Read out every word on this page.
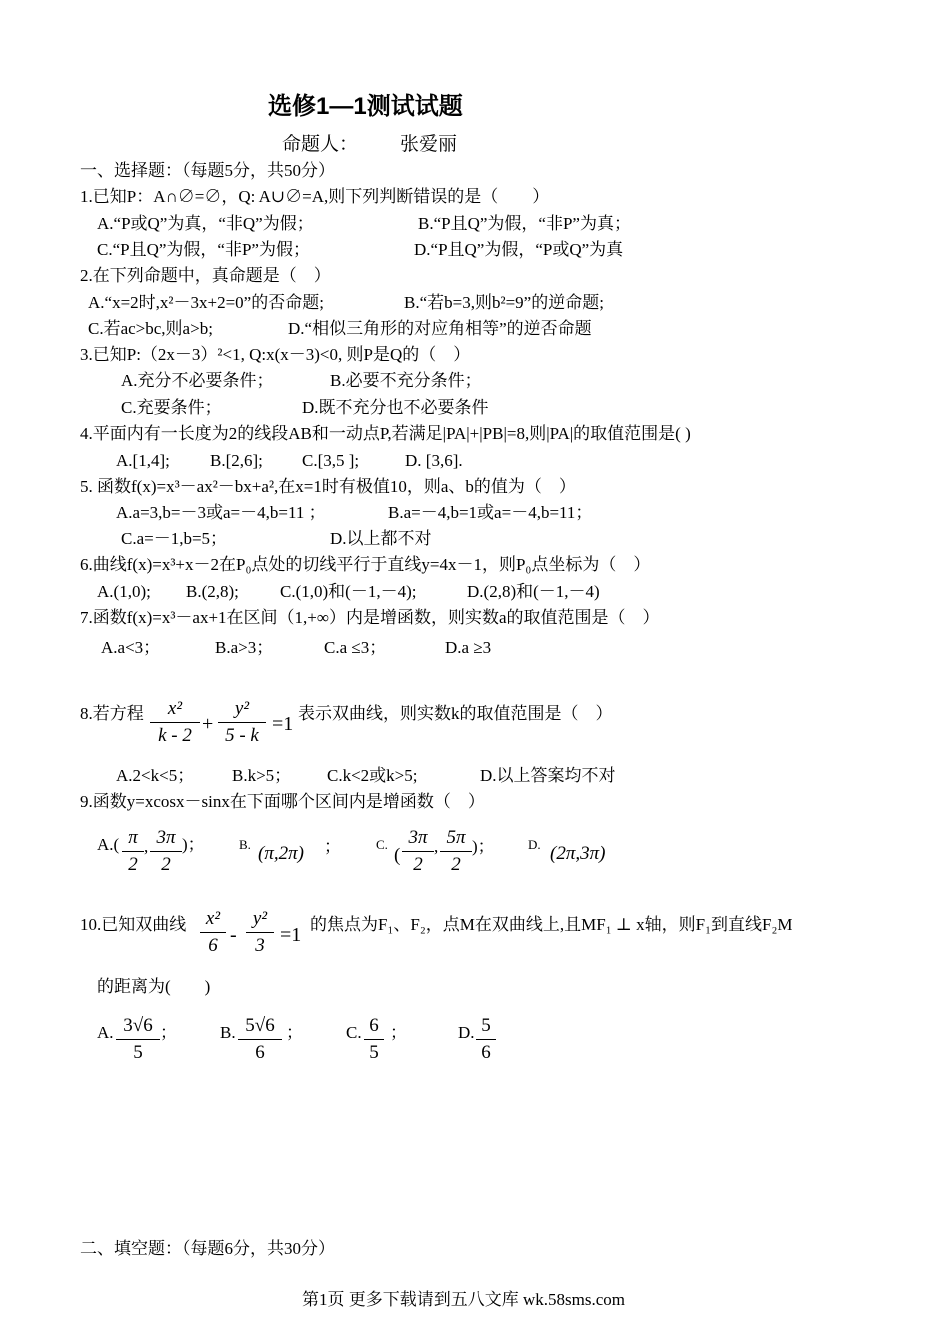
选修1—1测试试题
命题人： 张爱丽
一、选择题：（每题5分，共50分）
1.已知P：A∩∅=∅，Q: A∪∅=A,则下列判断错误的是（　　）
A.“P或Q”为真，“非Q”为假；	B.“P且Q”为假，“非P”为真；
C.“P且Q”为假，“非P”为假；	D.“P且Q”为假，“P或Q”为真
2.在下列命题中，真命题是（　）
A.“x=2时,x²－3x+2=0”的否命题;	B.“若b=3,则b²=9”的逆命题;
C.若ac>bc,则a>b;	D.“相似三角形的对应角相等”的逆否命题
3.已知P:（2x－3）²<1, Q:x(x－3)<0, 则P是Q的（　）
A.充分不必要条件；	B.必要不充分条件；
C.充要条件；	D.既不充分也不必要条件
4.平面内有一长度为2的线段AB和一动点P,若满足|PA|+|PB|=8,则|PA|的取值范围是( )
A.[1,4]; B.[2,6]; C.[3,5 ];	D. [3,6].
5. 函数f(x)=x³－ax²－bx+a²,在x=1时有极值10，则a、b的值为（　）
A.a=3,b=－3或a=－4,b=11 ；	B.a=－4,b=1或a=－4,b=11；
C.a=－1,b=5；	D.以上都不对
6.曲线f(x)=x³+x－2在P₀点处的切线平行于直线y=4x－1，则P₀点坐标为（　）
A.(1,0); B.(2,8); C.(1,0)和(－1,－4);	D.(2,8)和(－1,－4)
7.函数f(x)=x³－ax+1在区间（1,+∞）内是增函数，则实数a的取值范围是（　）
A.a<3；	B.a>3；	C.a ≤3；	D.a ≥3
8.若方程	x²
k - 2
+
y²
5 - k
=1 表示双曲线，则实数k的取值范围是（　）
A.2<k<5； B.k>5； C.k<2或k>5;	D.以上答案均不对
9.函数y=xcosx－sinx在下面哪个区间内是增函数（　）
A.( π
2
, 3π
2
)；	B. (π,2π) ；	C.
(
3π
2
, 5π
2
)；	D. (2π,3π)
10.已知双曲线	x²
6 -
y²
3 =1 的焦点为F₁、F₂，点M在双曲线上,且MF₁ ⊥ x轴，则F₁到直线F₂M
的距离为(　　)
A. 3√6
5
；	B. 5√6
6
；	C. 6
5
；	D. 5
6
二、填空题：（每题6分，共30分）
第1页 更多下载请到五八文库 wk.58sms.com
